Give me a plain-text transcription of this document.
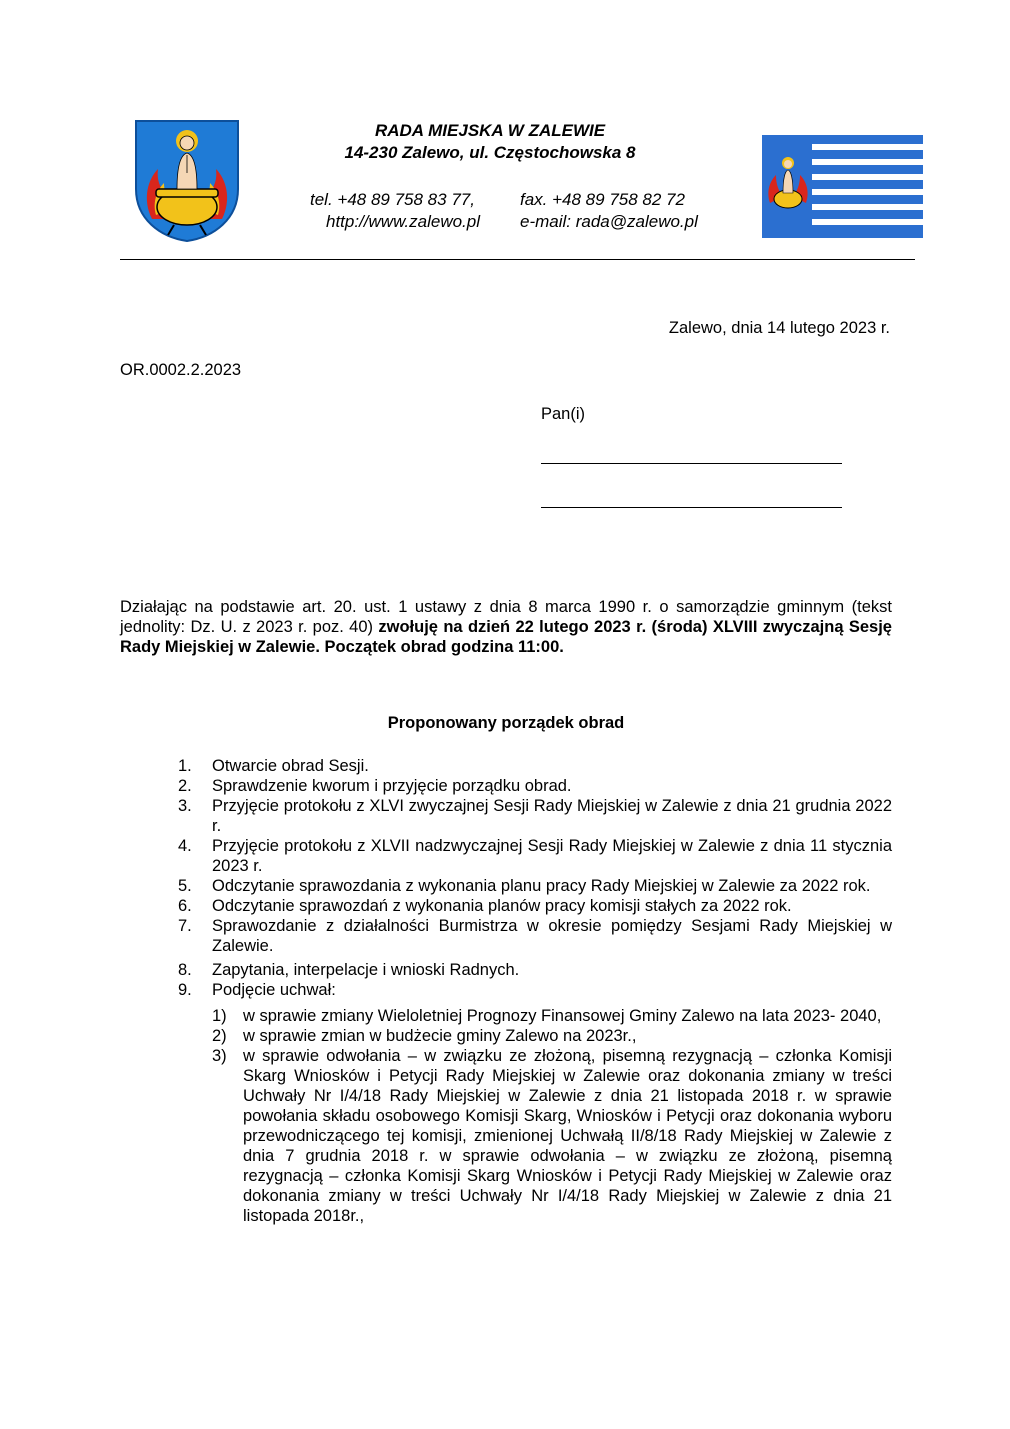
RADA MIEJSKA W ZALEWIE
14-230 Zalewo, ul. Częstochowska 8
tel. +48 89 758 83 77,	fax. +48 89 758 82 72
http://www.zalewo.pl e-mail: rada@zalewo.pl
Zalewo, dnia 14 lutego 2023 r.
OR.0002.2.2023
Pan(i)
Działając na podstawie art. 20. ust. 1 ustawy z dnia 8 marca 1990 r. o samorządzie gminnym (tekst jednolity: Dz. U. z 2023 r. poz. 40) zwołuję na dzień 22 lutego 2023 r. (środa) XLVIII zwyczajną Sesję Rady Miejskiej w Zalewie. Początek obrad godzina 11:00.
Proponowany porządek obrad
1. Otwarcie obrad Sesji.
2. Sprawdzenie kworum i przyjęcie porządku obrad.
3. Przyjęcie protokołu z XLVI zwyczajnej Sesji Rady Miejskiej w Zalewie z dnia 21 grudnia 2022 r.
4. Przyjęcie protokołu z XLVII nadzwyczajnej Sesji Rady Miejskiej w Zalewie z dnia 11 stycznia 2023 r.
5. Odczytanie sprawozdania z wykonania planu pracy Rady Miejskiej w Zalewie za 2022 rok.
6. Odczytanie sprawozdań z wykonania planów pracy komisji stałych za 2022 rok.
7. Sprawozdanie z działalności Burmistrza w okresie pomiędzy Sesjami Rady Miejskiej w Zalewie.
8. Zapytania, interpelacje i wnioski Radnych.
9. Podjęcie uchwał:
1) w sprawie zmiany Wieloletniej Prognozy Finansowej Gminy Zalewo na lata 2023- 2040,
2) w sprawie zmian w budżecie gminy Zalewo na 2023r.,
3) w sprawie odwołania – w związku ze złożoną, pisemną rezygnacją – członka Komisji Skarg Wniosków i Petycji Rady Miejskiej w Zalewie oraz dokonania zmiany w treści Uchwały Nr I/4/18 Rady Miejskiej w Zalewie z dnia 21 listopada 2018 r. w sprawie powołania składu osobowego Komisji Skarg, Wniosków i Petycji oraz dokonania wyboru przewodniczącego tej komisji, zmienionej Uchwałą II/8/18 Rady Miejskiej w Zalewie z dnia 7 grudnia 2018 r. w sprawie odwołania – w związku ze złożoną, pisemną rezygnacją – członka Komisji Skarg Wniosków i Petycji Rady Miejskiej w Zalewie oraz dokonania zmiany w treści Uchwały Nr I/4/18 Rady Miejskiej w Zalewie z dnia 21 listopada 2018r.,
